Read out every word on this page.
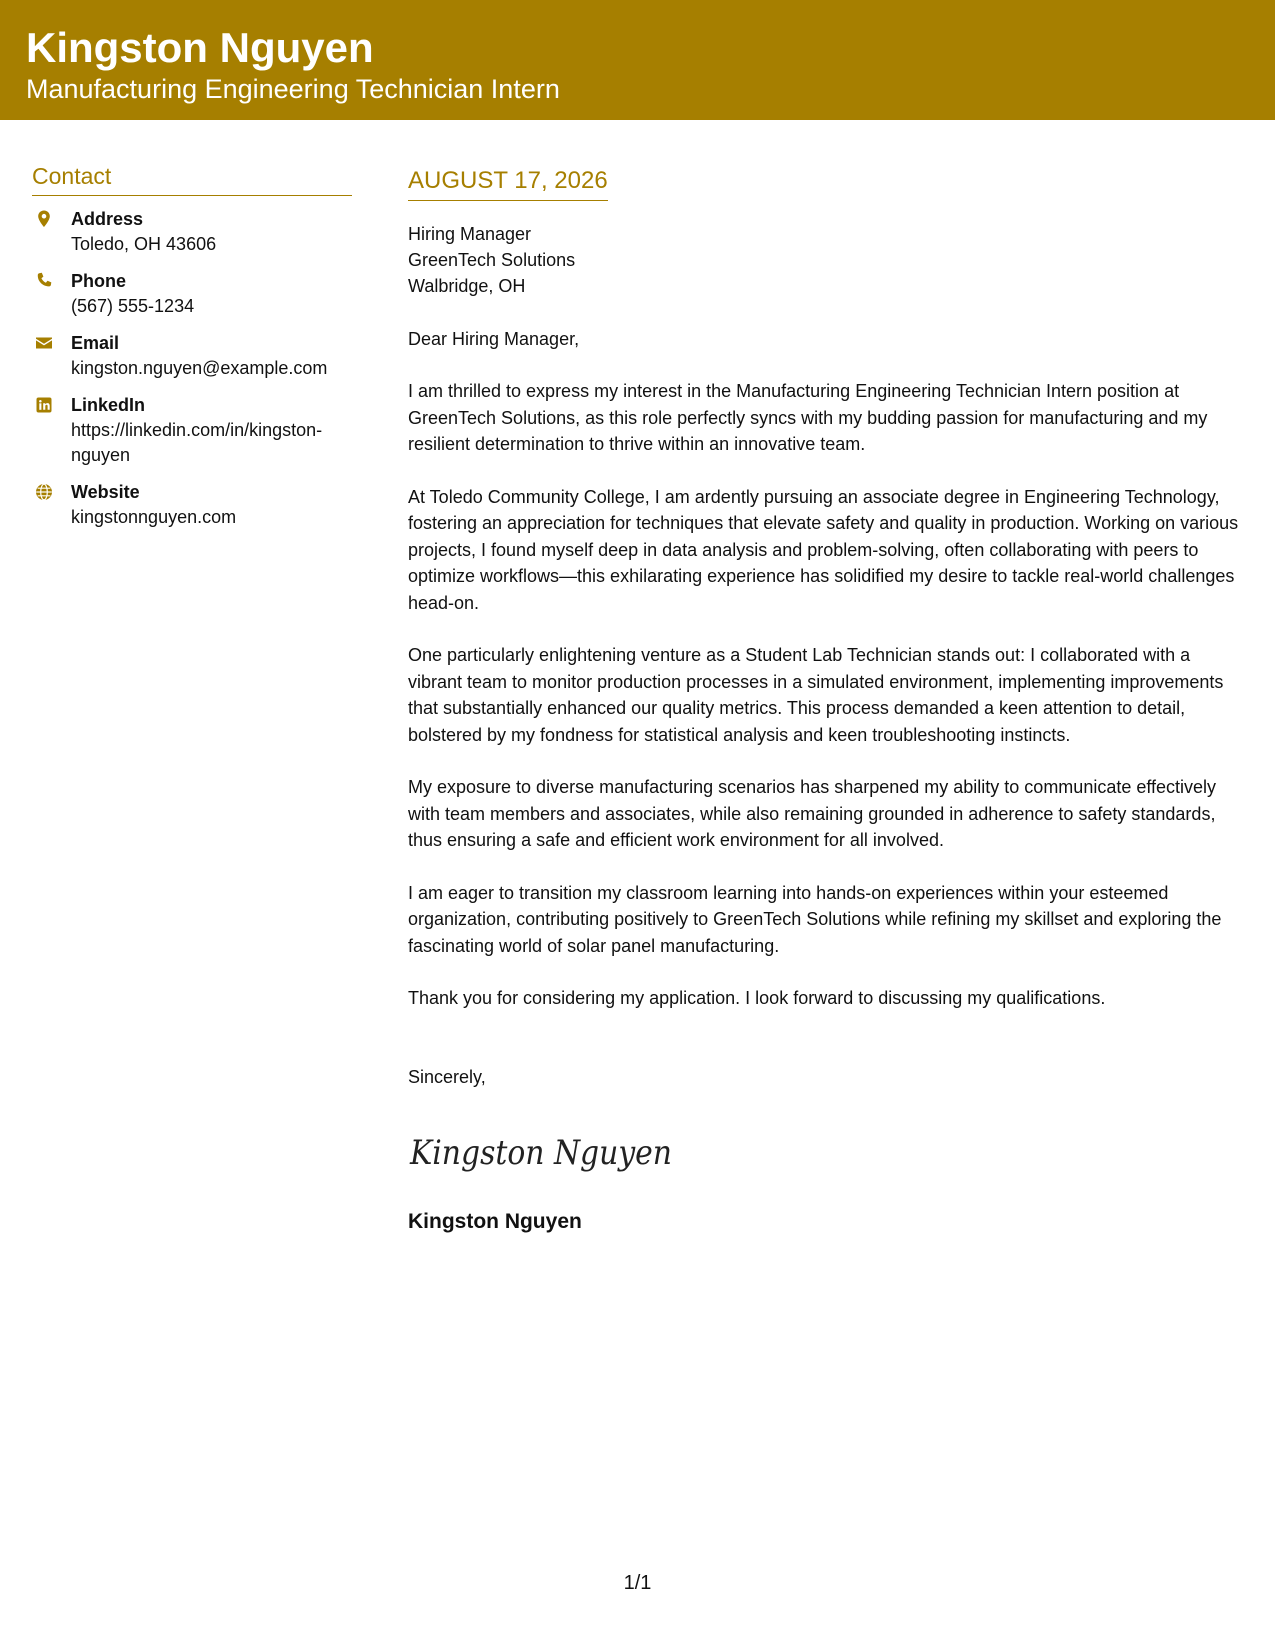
Kingston Nguyen
Manufacturing Engineering Technician Intern
Contact
Address
Toledo, OH 43606
Phone
(567) 555-1234
Email
kingston.nguyen@example.com
LinkedIn
https://linkedin.com/in/kingston-nguyen
Website
kingstonnguyen.com
AUGUST 17, 2026
Hiring Manager
GreenTech Solutions
Walbridge, OH
Dear Hiring Manager,
I am thrilled to express my interest in the Manufacturing Engineering Technician Intern position at GreenTech Solutions, as this role perfectly syncs with my budding passion for manufacturing and my resilient determination to thrive within an innovative team.
At Toledo Community College, I am ardently pursuing an associate degree in Engineering Technology, fostering an appreciation for techniques that elevate safety and quality in production. Working on various projects, I found myself deep in data analysis and problem-solving, often collaborating with peers to optimize workflows—this exhilarating experience has solidified my desire to tackle real-world challenges head-on.
One particularly enlightening venture as a Student Lab Technician stands out: I collaborated with a vibrant team to monitor production processes in a simulated environment, implementing improvements that substantially enhanced our quality metrics. This process demanded a keen attention to detail, bolstered by my fondness for statistical analysis and keen troubleshooting instincts.
My exposure to diverse manufacturing scenarios has sharpened my ability to communicate effectively with team members and associates, while also remaining grounded in adherence to safety standards, thus ensuring a safe and efficient work environment for all involved.
I am eager to transition my classroom learning into hands-on experiences within your esteemed organization, contributing positively to GreenTech Solutions while refining my skillset and exploring the fascinating world of solar panel manufacturing.
Thank you for considering my application. I look forward to discussing my qualifications.
Sincerely,
Kingston Nguyen
Kingston Nguyen
1/1
